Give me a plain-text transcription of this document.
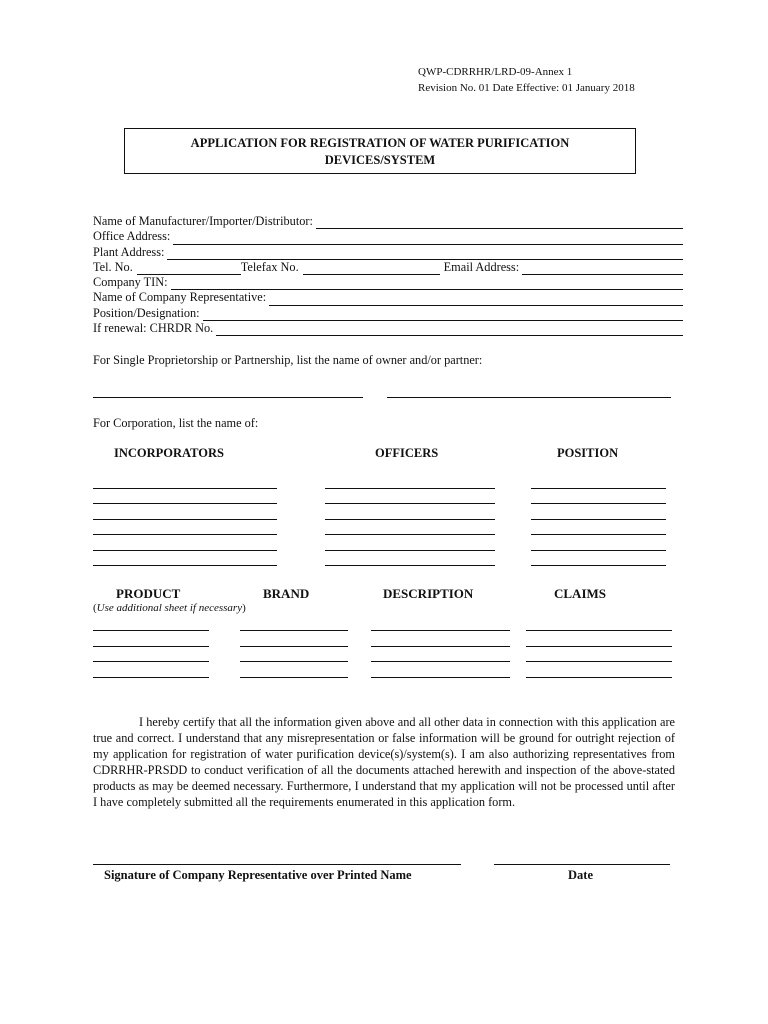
QWP-CDRRHR/LRD-09-Annex 1
Revision No. 01 Date Effective: 01 January 2018
APPLICATION FOR REGISTRATION OF WATER PURIFICATION
DEVICES/SYSTEM
Name of Manufacturer/Importer/Distributor:
Office Address:
Plant Address:
Tel. No.	Telefax No.	Email Address:
Company TIN:
Name of Company Representative:
Position/Designation:
If renewal: CHRDR No.
For Single Proprietorship or Partnership, list the name of owner and/or partner:
For Corporation, list the name of:
INCORPORATORS	OFFICERS	POSITION
PRODUCT	BRAND	DESCRIPTION	CLAIMS
(Use additional sheet if necessary)
I hereby certify that all the information given above and all other data in connection with this application are true and correct. I understand that any misrepresentation or false information will be ground for outright rejection of my application for registration of water purification device(s)/system(s). I am also authorizing representatives from CDRRHR-PRSDD to conduct verification of all the documents attached herewith and inspection of the above-stated products as may be deemed necessary. Furthermore, I understand that my application will not be processed until after I have completely submitted all the requirements enumerated in this application form.
Signature of Company Representative over Printed Name	Date
